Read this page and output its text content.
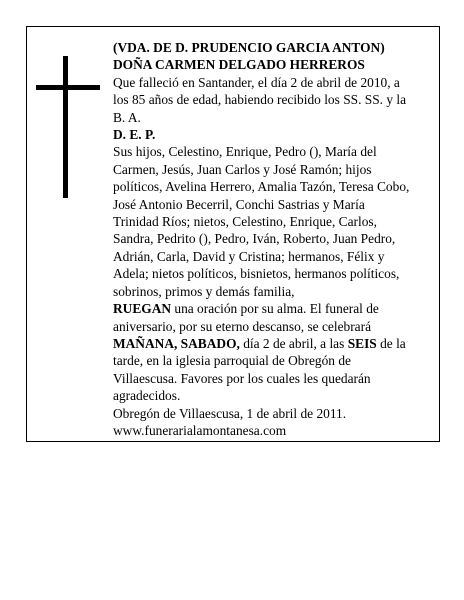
(VDA. DE D. PRUDENCIO GARCIA ANTON)
DOÑA CARMEN DELGADO HERREROS
Que falleció en Santander, el día 2 de abril de 2010, a
los 85 años de edad, habiendo recibido los SS. SS. y la
B. A.
D. E. P.
Sus hijos, Celestino, Enrique, Pedro (), María del
Carmen, Jesús, Juan Carlos y José Ramón; hijos
políticos, Avelina Herrero, Amalia Tazón, Teresa Cobo,
José Antonio Becerril, Conchi Sastrias y María
Trinidad Ríos; nietos, Celestino, Enrique, Carlos,
Sandra, Pedrito (), Pedro, Iván, Roberto, Juan Pedro,
Adrián, Carla, David y Cristina; hermanos, Félix y
Adela; nietos políticos, bisnietos, hermanos políticos,
sobrinos, primos y demás familia,
RUEGAN una oración por su alma. El funeral de
aniversario, por su eterno descanso, se celebrará
MAÑANA, SABADO, día 2 de abril, a las SEIS de la
tarde, en la iglesia parroquial de Obregón de
Villaescusa. Favores por los cuales les quedarán
agradecidos.
Obregón de Villaescusa, 1 de abril de 2011.
www.funerarialamontanesa.com
